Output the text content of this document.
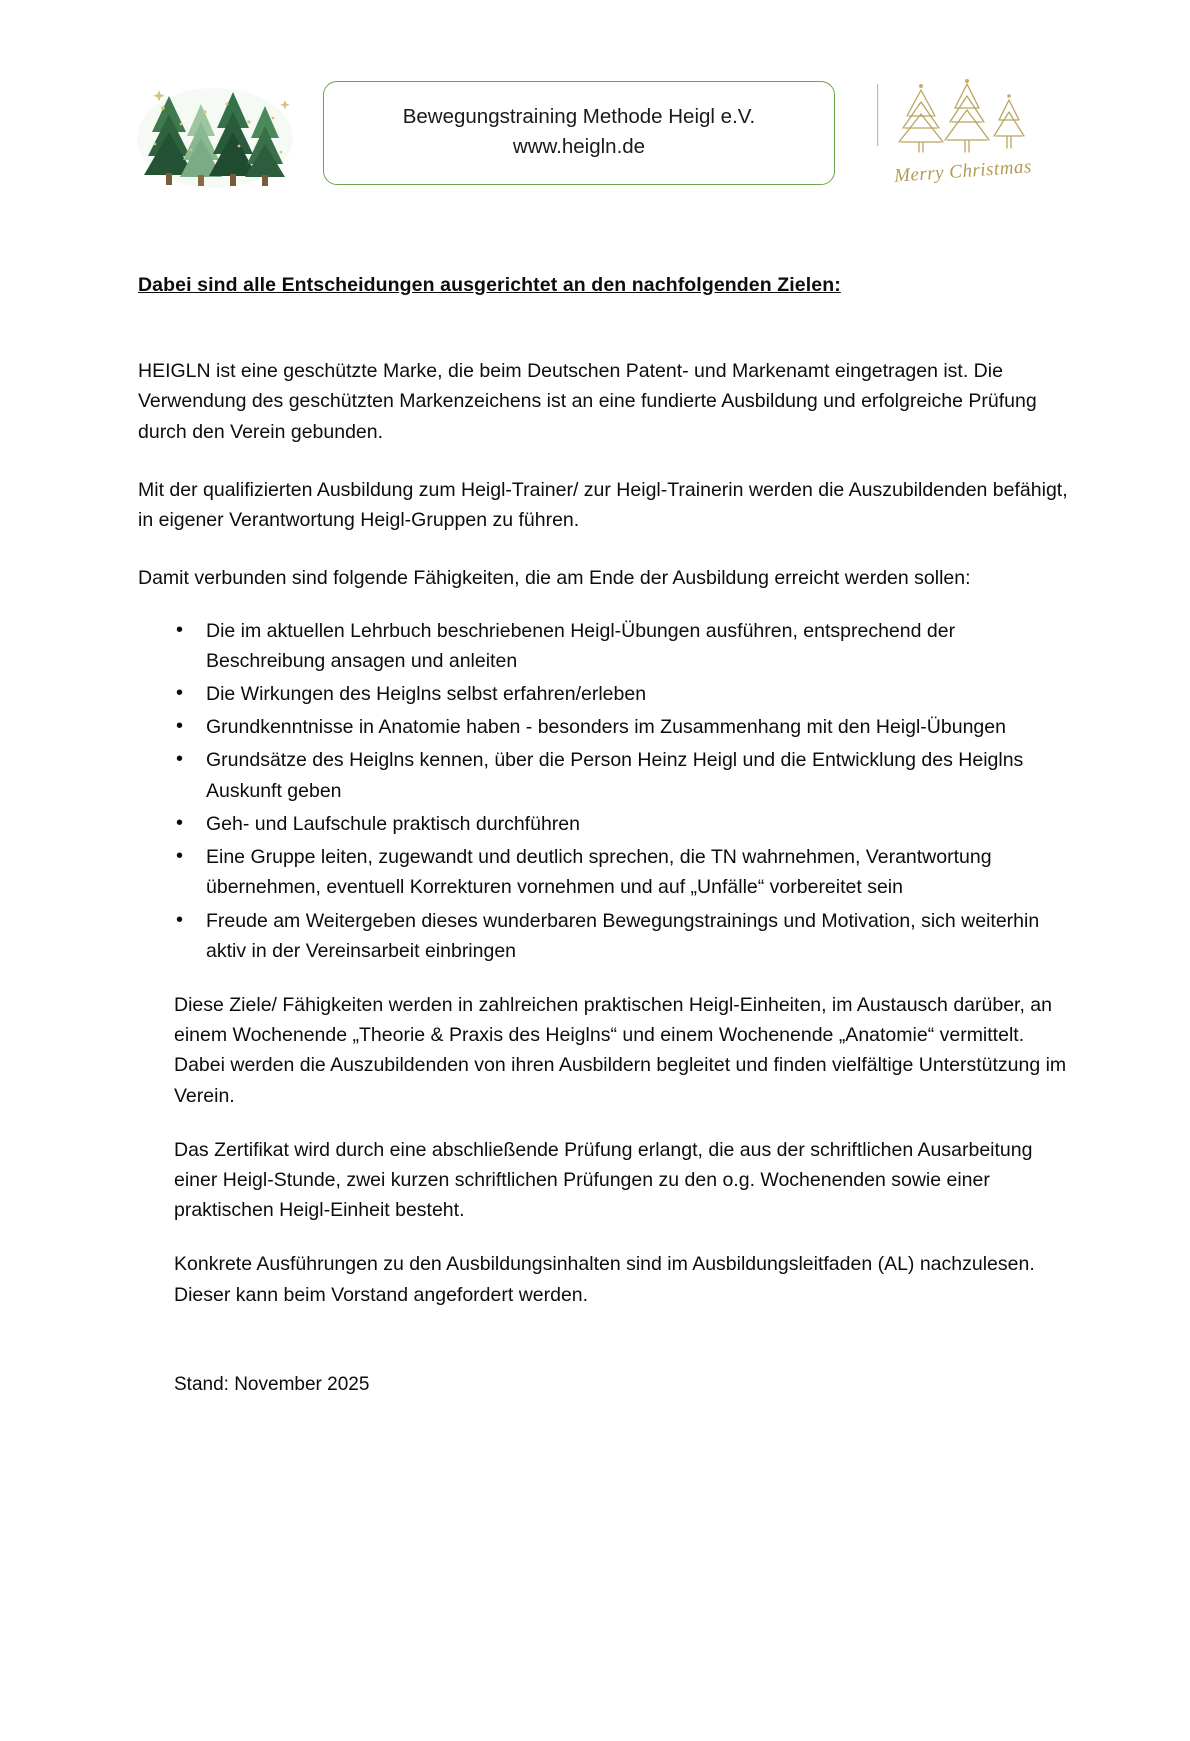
Bewegungstraining Methode Heigl e.V.
www.heigln.de
Merry Christmas
Dabei sind alle Entscheidungen ausgerichtet an den nachfolgenden Zielen:

HEIGLN ist eine geschützte Marke, die beim Deutschen Patent- und Markenamt eingetragen ist. Die Verwendung des geschützten Markenzeichens ist an eine fundierte Ausbildung und erfolgreiche Prüfung durch den Verein gebunden.

Mit der qualifizierten Ausbildung zum Heigl-Trainer/ zur Heigl-Trainerin werden die Auszubildenden befähigt, in eigener Verantwortung Heigl-Gruppen zu führen.

Damit verbunden sind folgende Fähigkeiten, die am Ende der Ausbildung erreicht werden sollen:

• Die im aktuellen Lehrbuch beschriebenen Heigl-Übungen ausführen, entsprechend der Beschreibung ansagen und anleiten
• Die Wirkungen des Heiglns selbst erfahren/erleben
• Grundkenntnisse in Anatomie haben - besonders im Zusammenhang mit den Heigl-Übungen
• Grundsätze des Heiglns kennen, über die Person Heinz Heigl und die Entwicklung des Heiglns Auskunft geben
• Geh- und Laufschule praktisch durchführen
• Eine Gruppe leiten, zugewandt und deutlich sprechen, die TN wahrnehmen, Verantwortung übernehmen, eventuell Korrekturen vornehmen und auf „Unfälle“ vorbereitet sein
• Freude am Weitergeben dieses wunderbaren Bewegungstrainings und Motivation, sich weiterhin aktiv in der Vereinsarbeit einbringen

Diese Ziele/ Fähigkeiten werden in zahlreichen praktischen Heigl-Einheiten, im Austausch darüber, an einem Wochenende „Theorie & Praxis des Heiglns“ und einem Wochenende „Anatomie“ vermittelt. Dabei werden die Auszubildenden von ihren Ausbildern begleitet und finden vielfältige Unterstützung im Verein.

Das Zertifikat wird durch eine abschließende Prüfung erlangt, die aus der schriftlichen Ausarbeitung einer Heigl-Stunde, zwei kurzen schriftlichen Prüfungen zu den o.g. Wochenenden sowie einer praktischen Heigl-Einheit besteht.

Konkrete Ausführungen zu den Ausbildungsinhalten sind im Ausbildungsleitfaden (AL) nachzulesen. Dieser kann beim Vorstand angefordert werden.

Stand: November 2025
